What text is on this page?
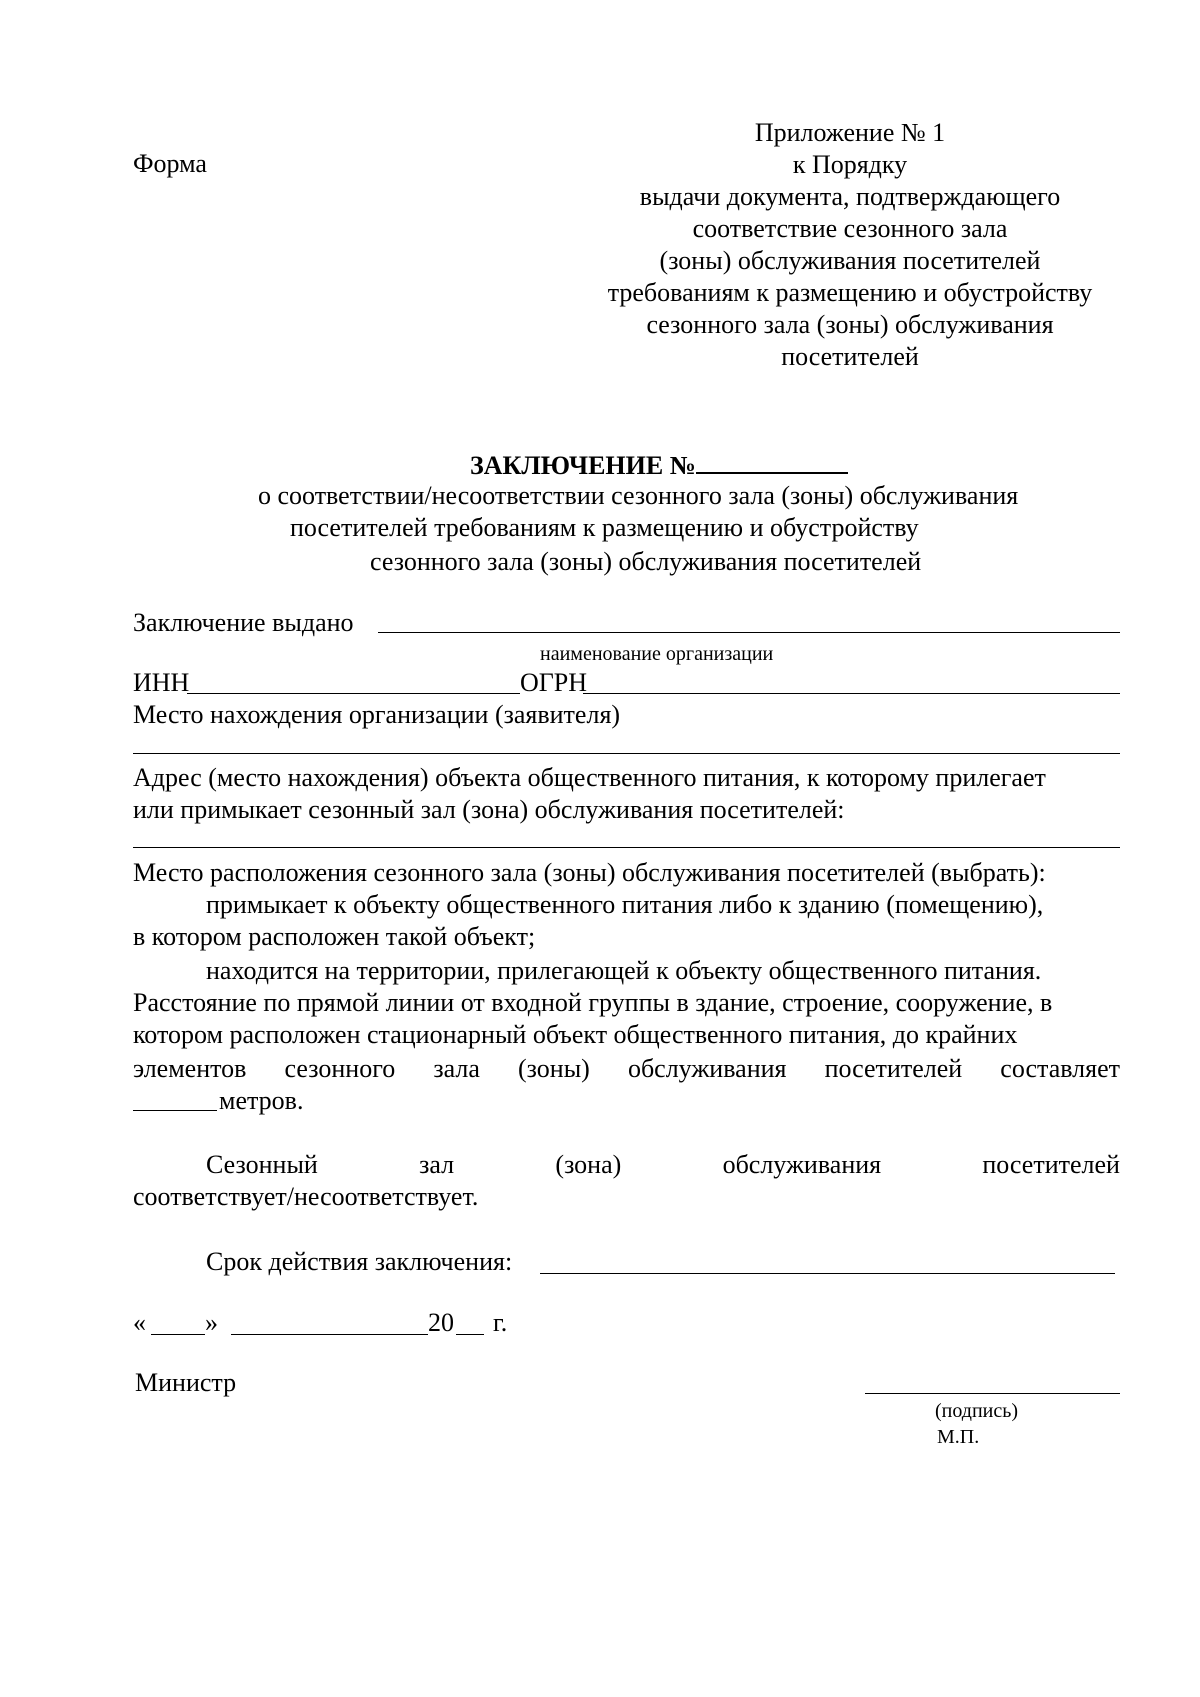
Форма
Приложение № 1
к Порядку
выдачи документа, подтверждающего
соответствие сезонного зала
(зоны) обслуживания посетителей
требованиям к размещению и обустройству
сезонного зала (зоны) обслуживания
посетителей
ЗАКЛЮЧЕНИЕ №
о соответствии/несоответствии сезонного зала (зоны) обслуживания
посетителей требованиям к размещению и обустройству
сезонного зала (зоны) обслуживания посетителей
Заключение выдано
наименование организации
ИНН	ОГРН
Место нахождения организации (заявителя)
Адрес (место нахождения) объекта общественного питания, к которому прилегает
или примыкает сезонный зал (зона) обслуживания посетителей:
Место расположения сезонного зала (зоны) обслуживания посетителей (выбрать):
примыкает к объекту общественного питания либо к зданию (помещению),
в котором расположен такой объект;
находится на территории, прилегающей к объекту общественного питания.
Расстояние по прямой линии от входной группы в здание, строение, сооружение, в
котором расположен стационарный объект общественного питания, до крайних
элементов сезонного зала (зоны) обслуживания посетителей составляет
метров.
Сезонный	зал	(зона)	обслуживания	посетителей
соответствует/несоответствует.
Срок действия заключения:
« »	20 г.
Министр
(подпись)
М.П.
